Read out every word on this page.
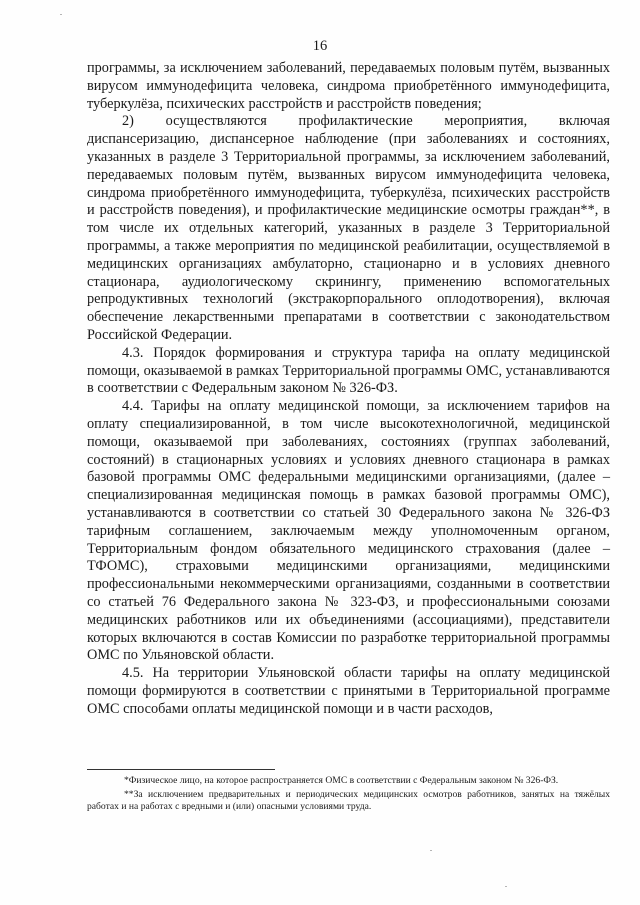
16

программы, за исключением заболеваний, передаваемых половым путём, вызванных вирусом иммунодефицита человека, синдрома приобретённого иммунодефицита, туберкулёза, психических расстройств и расстройств поведения;

2) осуществляются профилактические мероприятия, включая диспансеризацию, диспансерное наблюдение (при заболеваниях и состояниях, указанных в разделе 3 Территориальной программы, за исключением заболеваний, передаваемых половым путём, вызванных вирусом иммунодефицита человека, синдрома приобретённого иммунодефицита, туберкулёза, психических расстройств и расстройств поведения), и профилактические медицинские осмотры граждан**, в том числе их отдельных категорий, указанных в разделе 3 Территориальной программы, а также мероприятия по медицинской реабилитации, осуществляемой в медицинских организациях амбулаторно, стационарно и в условиях дневного стационара, аудиологическому скринингу, применению вспомогательных репродуктивных технологий (экстракорпорального оплодотворения), включая обеспечение лекарственными препаратами в соответствии с законодательством Российской Федерации.

4.3. Порядок формирования и структура тарифа на оплату медицинской помощи, оказываемой в рамках Территориальной программы ОМС, устанавливаются в соответствии с Федеральным законом № 326-ФЗ.

4.4. Тарифы на оплату медицинской помощи, за исключением тарифов на оплату специализированной, в том числе высокотехнологичной, медицинской помощи, оказываемой при заболеваниях, состояниях (группах заболеваний, состояний) в стационарных условиях и условиях дневного стационара в рамках базовой программы ОМС федеральными медицинскими организациями, (далее – специализированная медицинская помощь в рамках базовой программы ОМС), устанавливаются в соответствии со статьей 30 Федерального закона № 326-ФЗ тарифным соглашением, заключаемым между уполномоченным органом, Территориальным фондом обязательного медицинского страхования (далее – ТФОМС), страховыми медицинскими организациями, медицинскими профессиональными некоммерческими организациями, созданными в соответствии со статьей 76 Федерального закона № 323-ФЗ, и профессиональными союзами медицинских работников или их объединениями (ассоциациями), представители которых включаются в состав Комиссии по разработке территориальной программы ОМС по Ульяновской области.

4.5. На территории Ульяновской области тарифы на оплату медицинской помощи формируются в соответствии с принятыми в Территориальной программе ОМС способами оплаты медицинской помощи и в части расходов,

*Физическое лицо, на которое распространяется ОМС в соответствии с Федеральным законом № 326-ФЗ.

**За исключением предварительных и периодических медицинских осмотров работников, занятых на тяжёлых работах и на работах с вредными и (или) опасными условиями труда.
